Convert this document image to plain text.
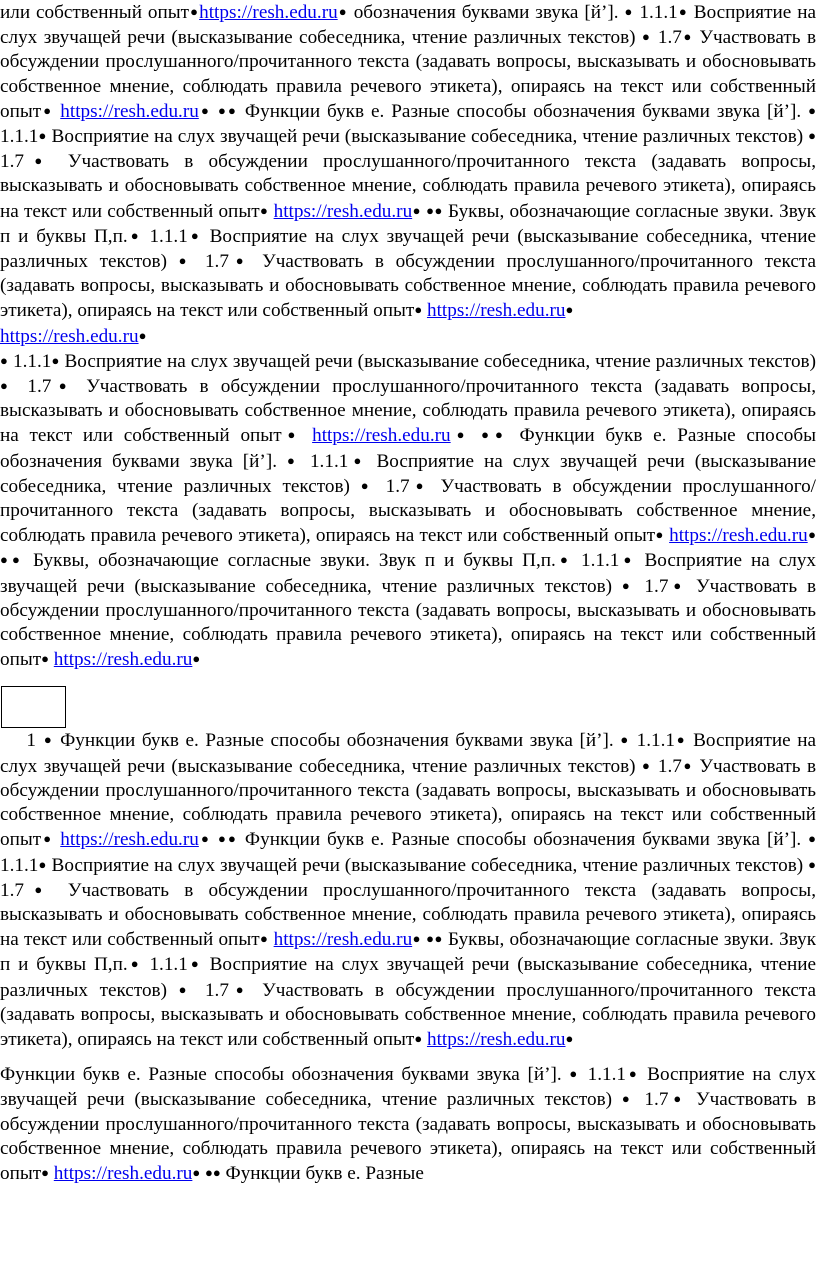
или собственный опыт●https://resh.edu.ru● обозначения буквами звука [й’]. ● 1.1.1● Восприятие на слух звучащей речи (высказывание собеседника, чтение различных текстов) ● 1.7● Участвовать в обсуждении прослушанного/прочитанного текста (задавать вопросы, высказывать и обосновывать собственное мнение, соблюдать правила речевого этикета), опираясь на текст или собственный опыт● https://resh.edu.ru● ●● Функции букв е. Разные способы обозначения буквами звука [й’]. ● 1.1.1● Восприятие на слух звучащей речи (высказывание собеседника, чтение различных текстов) ● 1.7● Участвовать в обсуждении прослушанного/прочитанного текста (задавать вопросы, высказывать и обосновывать собственное мнение, соблюдать правила речевого этикета), опираясь на текст или собственный опыт● https://resh.edu.ru● ●● Буквы, обозначающие согласные звуки. Звук п и буквы П,п.● 1.1.1● Восприятие на слух звучащей речи (высказывание собеседника, чтение различных текстов) ● 1.7● Участвовать в обсуждении прослушанного/прочитанного текста (задавать вопросы, высказывать и обосновывать собственное мнение, соблюдать правила речевого этикета), опираясь на текст или собственный опыт● https://resh.edu.ru●

https://resh.edu.ru●

● 1.1.1● Восприятие на слух звучащей речи (высказывание собеседника, чтение различных текстов) ● 1.7● Участвовать в обсуждении прослушанного/прочитанного текста (задавать вопросы, высказывать и обосновывать собственное мнение, соблюдать правила речевого этикета), опираясь на текст или собственный опыт● https://resh.edu.ru● ●● Функции букв е. Разные способы обозначения буквами звука [й’]. ● 1.1.1● Восприятие на слух звучащей речи (высказывание собеседника, чтение различных текстов) ● 1.7● Участвовать в обсуждении прослушанного/прочитанного текста (задавать вопросы, высказывать и обосновывать собственное мнение, соблюдать правила речевого этикета), опираясь на текст или собственный опыт● https://resh.edu.ru● ●● Буквы, обозначающие согласные звуки. Звук п и буквы П,п.● 1.1.1● Восприятие на слух звучащей речи (высказывание собеседника, чтение различных текстов) ● 1.7● Участвовать в обсуждении прослушанного/прочитанного текста (задавать вопросы, высказывать и обосновывать собственное мнение, соблюдать правила речевого этикета), опираясь на текст или собственный опыт● https://resh.edu.ru●

1 ● Функции букв е. Разные способы обозначения буквами звука [й’]. ● 1.1.1● Восприятие на слух звучащей речи (высказывание собеседника, чтение различных текстов) ● 1.7● Участвовать в обсуждении прослушанного/прочитанного текста (задавать вопросы, высказывать и обосновывать собственное мнение, соблюдать правила речевого этикета), опираясь на текст или собственный опыт● https://resh.edu.ru● ●● Функции букв е. Разные способы обозначения буквами звука [й’]. ● 1.1.1● Восприятие на слух звучащей речи (высказывание собеседника, чтение различных текстов) ● 1.7● Участвовать в обсуждении прослушанного/прочитанного текста (задавать вопросы, высказывать и обосновывать собственное мнение, соблюдать правила речевого этикета), опираясь на текст или собственный опыт● https://resh.edu.ru● ●● Буквы, обозначающие согласные звуки. Звук п и буквы П,п.● 1.1.1● Восприятие на слух звучащей речи (высказывание собеседника, чтение различных текстов) ● 1.7● Участвовать в обсуждении прослушанного/прочитанного текста (задавать вопросы, высказывать и обосновывать собственное мнение, соблюдать правила речевого этикета), опираясь на текст или собственный опыт● https://resh.edu.ru●

Функции букв е. Разные способы обозначения буквами звука [й’]. ● 1.1.1● Восприятие на слух звучащей речи (высказывание собеседника, чтение различных текстов) ● 1.7● Участвовать в обсуждении прослушанного/прочитанного текста (задавать вопросы, высказывать и обосновывать собственное мнение, соблюдать правила речевого этикета), опираясь на текст или собственный опыт● https://resh.edu.ru● ●● Функции букв е. Разные
